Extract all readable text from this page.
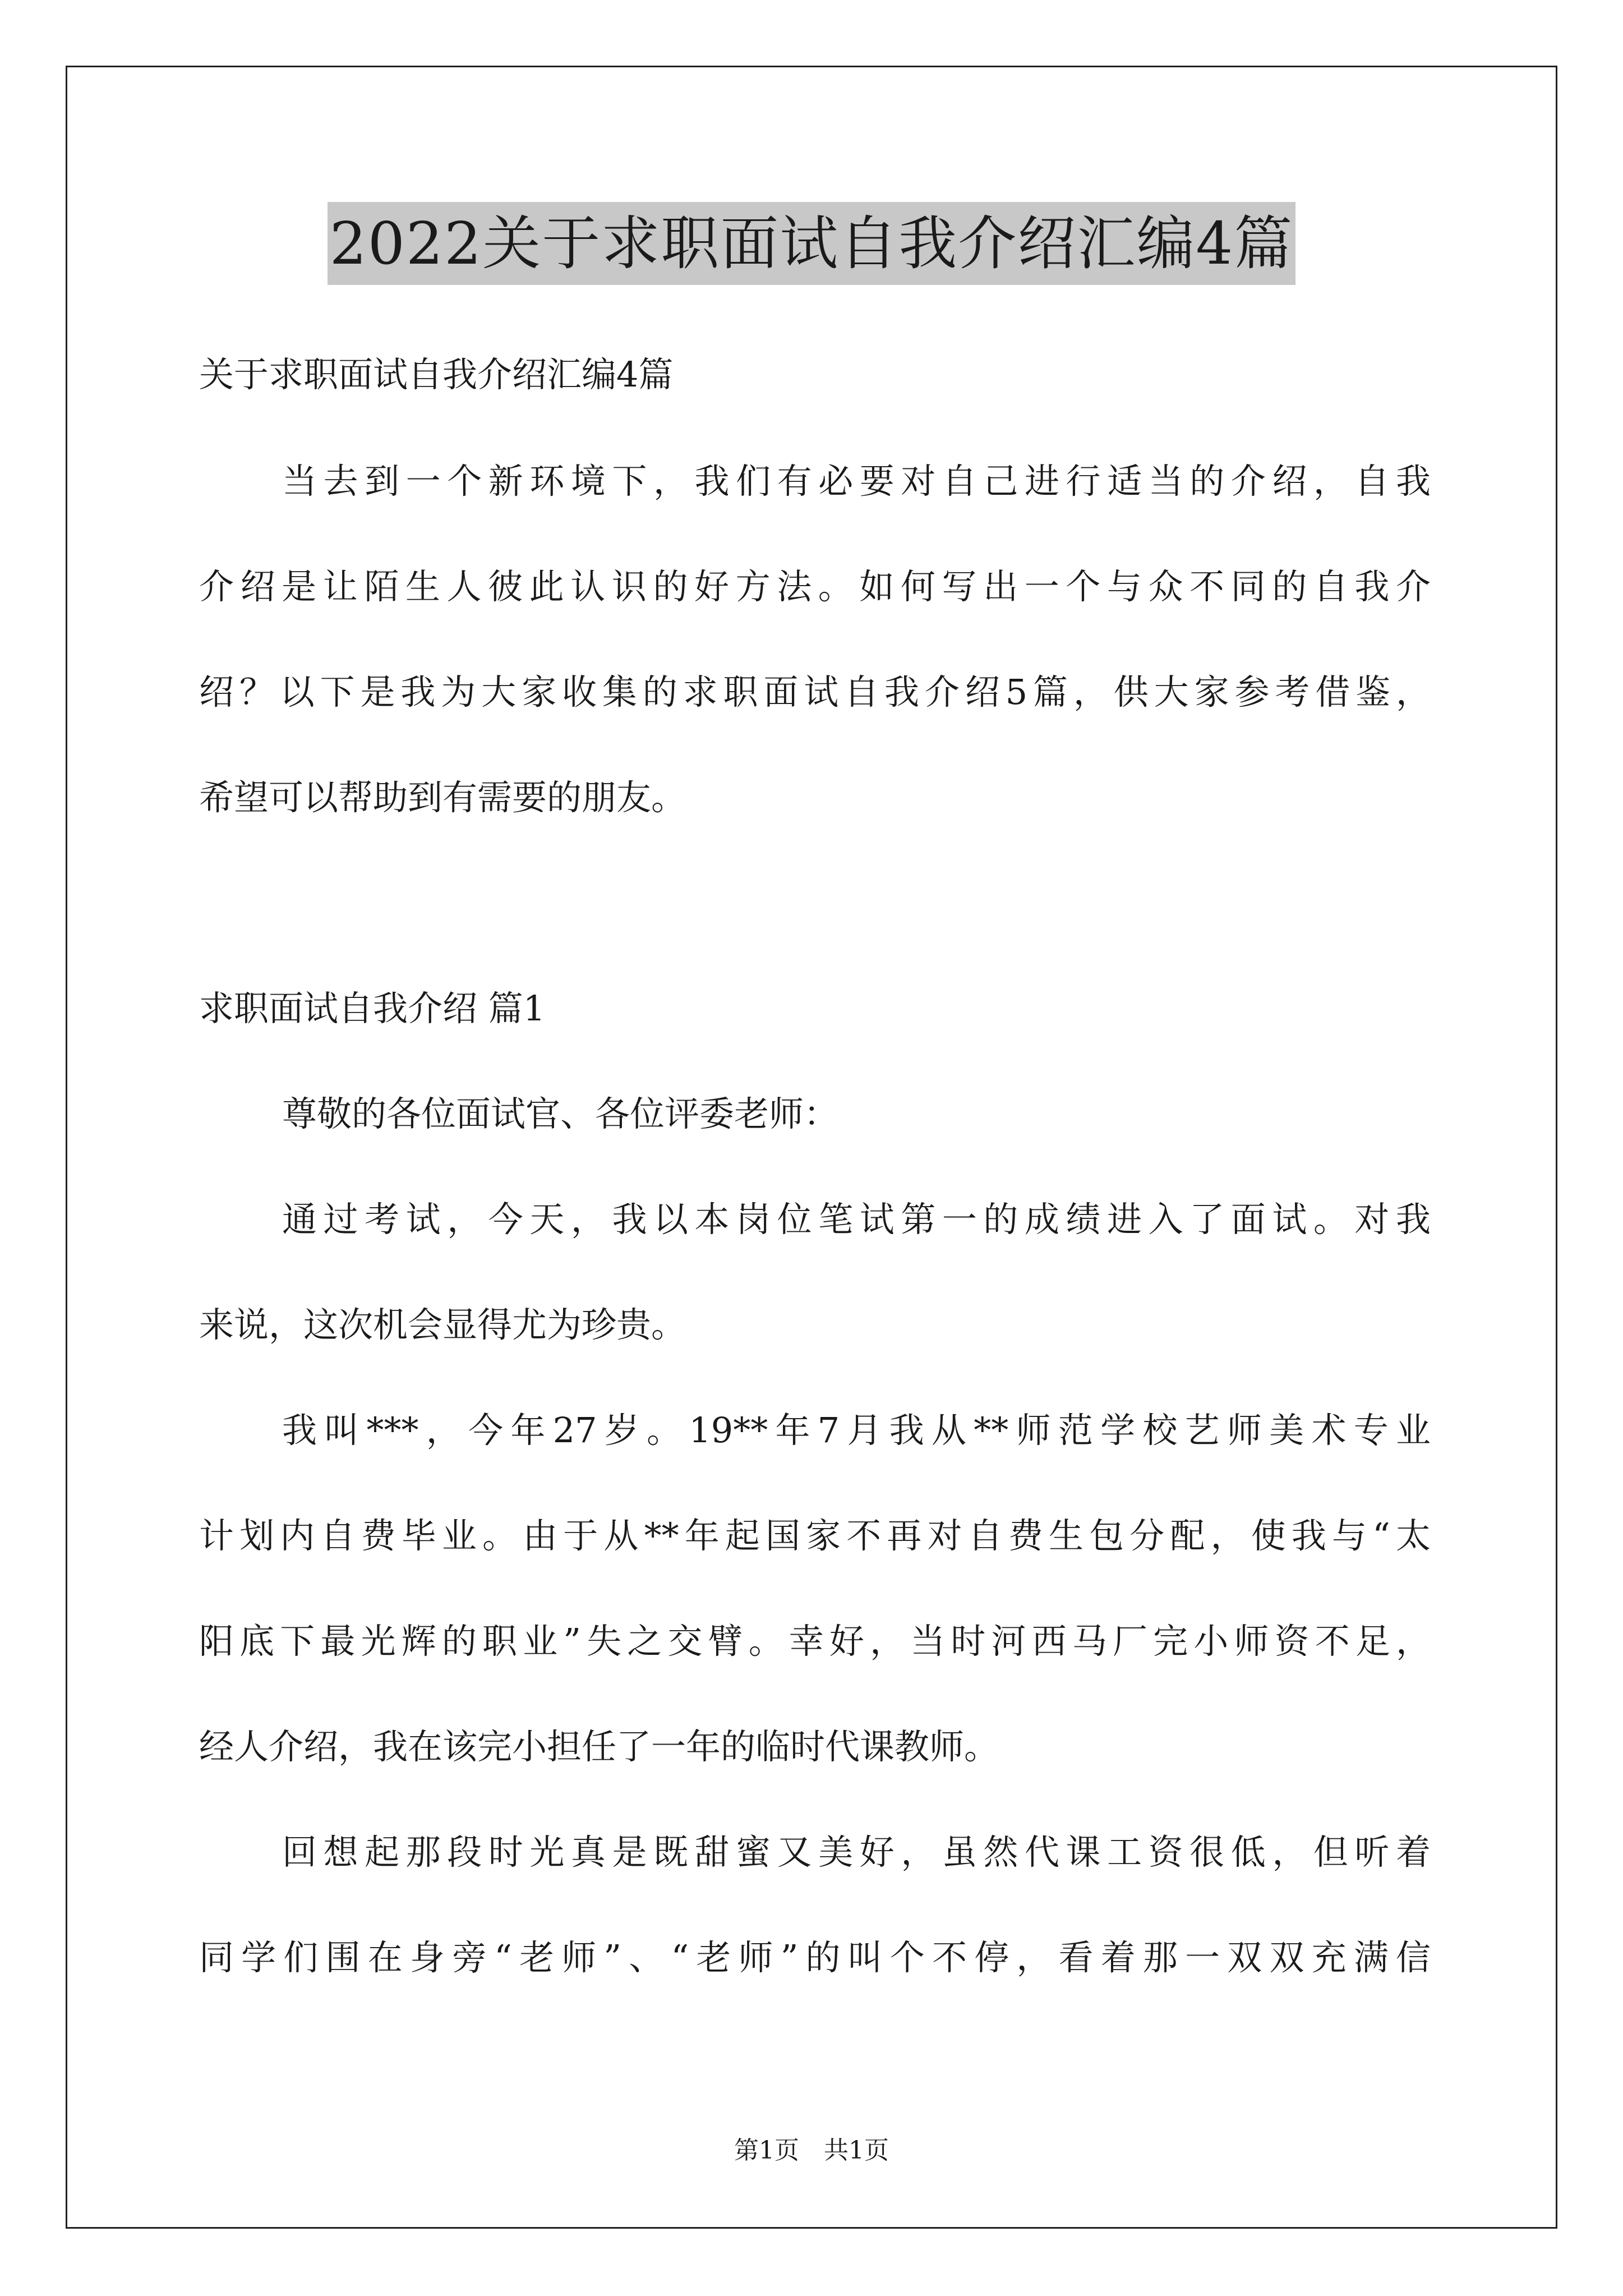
2022关于求职面试自我介绍汇编4篇
关于求职面试自我介绍汇编4篇
当去到一个新环境下，我们有必要对自己进行适当的介绍，自我
介绍是让陌生人彼此认识的好方法。如何写出一个与众不同的自我介
绍？以下是我为大家收集的求职面试自我介绍5篇，供大家参考借鉴，
希望可以帮助到有需要的朋友。
求职面试自我介绍 篇1
尊敬的各位面试官、各位评委老师：
通过考试，今天，我以本岗位笔试第一的成绩进入了面试。对我
来说，这次机会显得尤为珍贵。
我叫***，今年27岁。19**年7月我从**师范学校艺师美术专业
计划内自费毕业。由于从**年起国家不再对自费生包分配，使我与“太
阳底下最光辉的职业”失之交臂。幸好，当时河西马厂完小师资不足，
经人介绍，我在该完小担任了一年的临时代课教师。
回想起那段时光真是既甜蜜又美好，虽然代课工资很低，但听着
同学们围在身旁“老师”、“老师”的叫个不停，看着那一双双充满信
第1页　共1页
